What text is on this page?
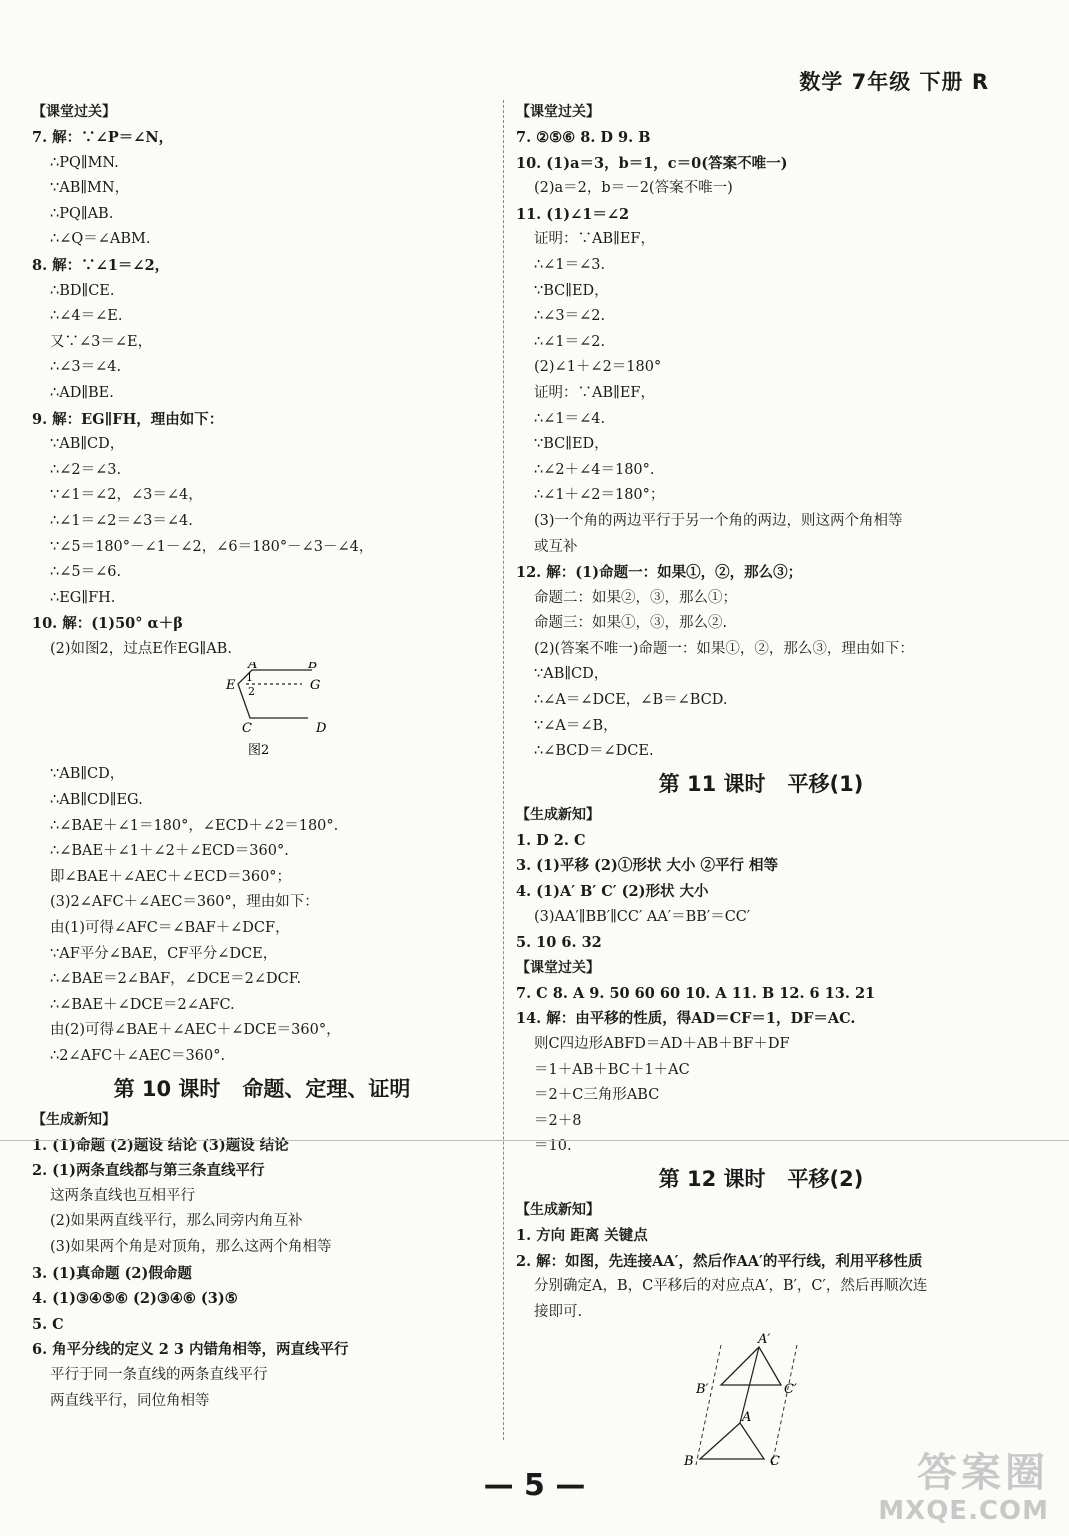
数学 7年级 下册 R
【课堂过关】
7. 解：∵∠P＝∠N，
∴PQ∥MN.
∵AB∥MN，
∴PQ∥AB.
∴∠Q＝∠ABM.
8. 解：∵∠1＝∠2，
∴BD∥CE.
∴∠4＝∠E.
又∵∠3＝∠E，
∴∠3＝∠4.
∴AD∥BE.
9. 解：EG∥FH，理由如下：
∵AB∥CD，
∴∠2＝∠3.
∵∠1＝∠2，∠3＝∠4，
∴∠1＝∠2＝∠3＝∠4.
∵∠5＝180°－∠1－∠2，∠6＝180°－∠3－∠4，
∴∠5＝∠6.
∴EG∥FH.
10. 解：(1)50° α＋β
(2)如图2，过点E作EG∥AB.
A	B
E	G
1
2
C	D
图2
∵AB∥CD，
∴AB∥CD∥EG.
∴∠BAE＋∠1＝180°，∠ECD＋∠2＝180°.
∴∠BAE＋∠1＋∠2＋∠ECD＝360°.
即∠BAE＋∠AEC＋∠ECD＝360°；
(3)2∠AFC＋∠AEC＝360°，理由如下：
由(1)可得∠AFC＝∠BAF＋∠DCF，
∵AF平分∠BAE，CF平分∠DCE，
∴∠BAE＝2∠BAF，∠DCE＝2∠DCF.
∴∠BAE＋∠DCE＝2∠AFC.
由(2)可得∠BAE＋∠AEC＋∠DCE＝360°，
∴2∠AFC＋∠AEC＝360°.
第 10 课时 命题、定理、证明
【生成新知】
1. (1)命题 (2)题设 结论 (3)题设 结论
2. (1)两条直线都与第三条直线平行
这两条直线也互相平行
(2)如果两直线平行，那么同旁内角互补
(3)如果两个角是对顶角，那么这两个角相等
3. (1)真命题 (2)假命题
4. (1)③④⑤⑥ (2)③④⑥ (3)⑤
5. C
6. 角平分线的定义 2 3 内错角相等，两直线平行
平行于同一条直线的两条直线平行
两直线平行，同位角相等
【课堂过关】
7. ②⑤⑥ 8. D 9. B
10. (1)a＝3，b＝1，c＝0(答案不唯一)
(2)a＝2，b＝－2(答案不唯一)
11. (1)∠1＝∠2
证明：∵AB∥EF，
∴∠1＝∠3.
∵BC∥ED，
∴∠3＝∠2.
∴∠1＝∠2.
(2)∠1＋∠2＝180°
证明：∵AB∥EF，
∴∠1＝∠4.
∵BC∥ED，
∴∠2＋∠4＝180°.
∴∠1＋∠2＝180°；
(3)一个角的两边平行于另一个角的两边，则这两个角相等
或互补
12. 解：(1)命题一：如果①，②，那么③；
命题二：如果②，③，那么①；
命题三：如果①，③，那么②.
(2)(答案不唯一)命题一：如果①，②，那么③，理由如下：
∵AB∥CD，
∴∠A＝∠DCE，∠B＝∠BCD.
∵∠A＝∠B，
∴∠BCD＝∠DCE.
第 11 课时 平移(1)
【生成新知】
1. D 2. C
3. (1)平移 (2)①形状 大小 ②平行 相等
4. (1)A′ B′ C′ (2)形状 大小
(3)AA′∥BB′∥CC′ AA′＝BB′＝CC′
5. 10 6. 32
【课堂过关】
7. C 8. A 9. 50 60 60 10. A 11. B 12. 6 13. 21
14. 解：由平移的性质，得AD＝CF＝1，DF＝AC.
则C四边形ABFD＝AD＋AB＋BF＋DF
＝1＋AB＋BC＋1＋AC
＝2＋C三角形ABC
＝2＋8
＝10.
第 12 课时 平移(2)
【生成新知】
1. 方向 距离 关键点
2. 解：如图，先连接AA′，然后作AA′的平行线，利用平移性质
分别确定A，B，C平移后的对应点A′，B′，C′，然后再顺次连
接即可.
A′
B′	C′
A
B	C
— 5 —	答案圈
MXQE.COM
